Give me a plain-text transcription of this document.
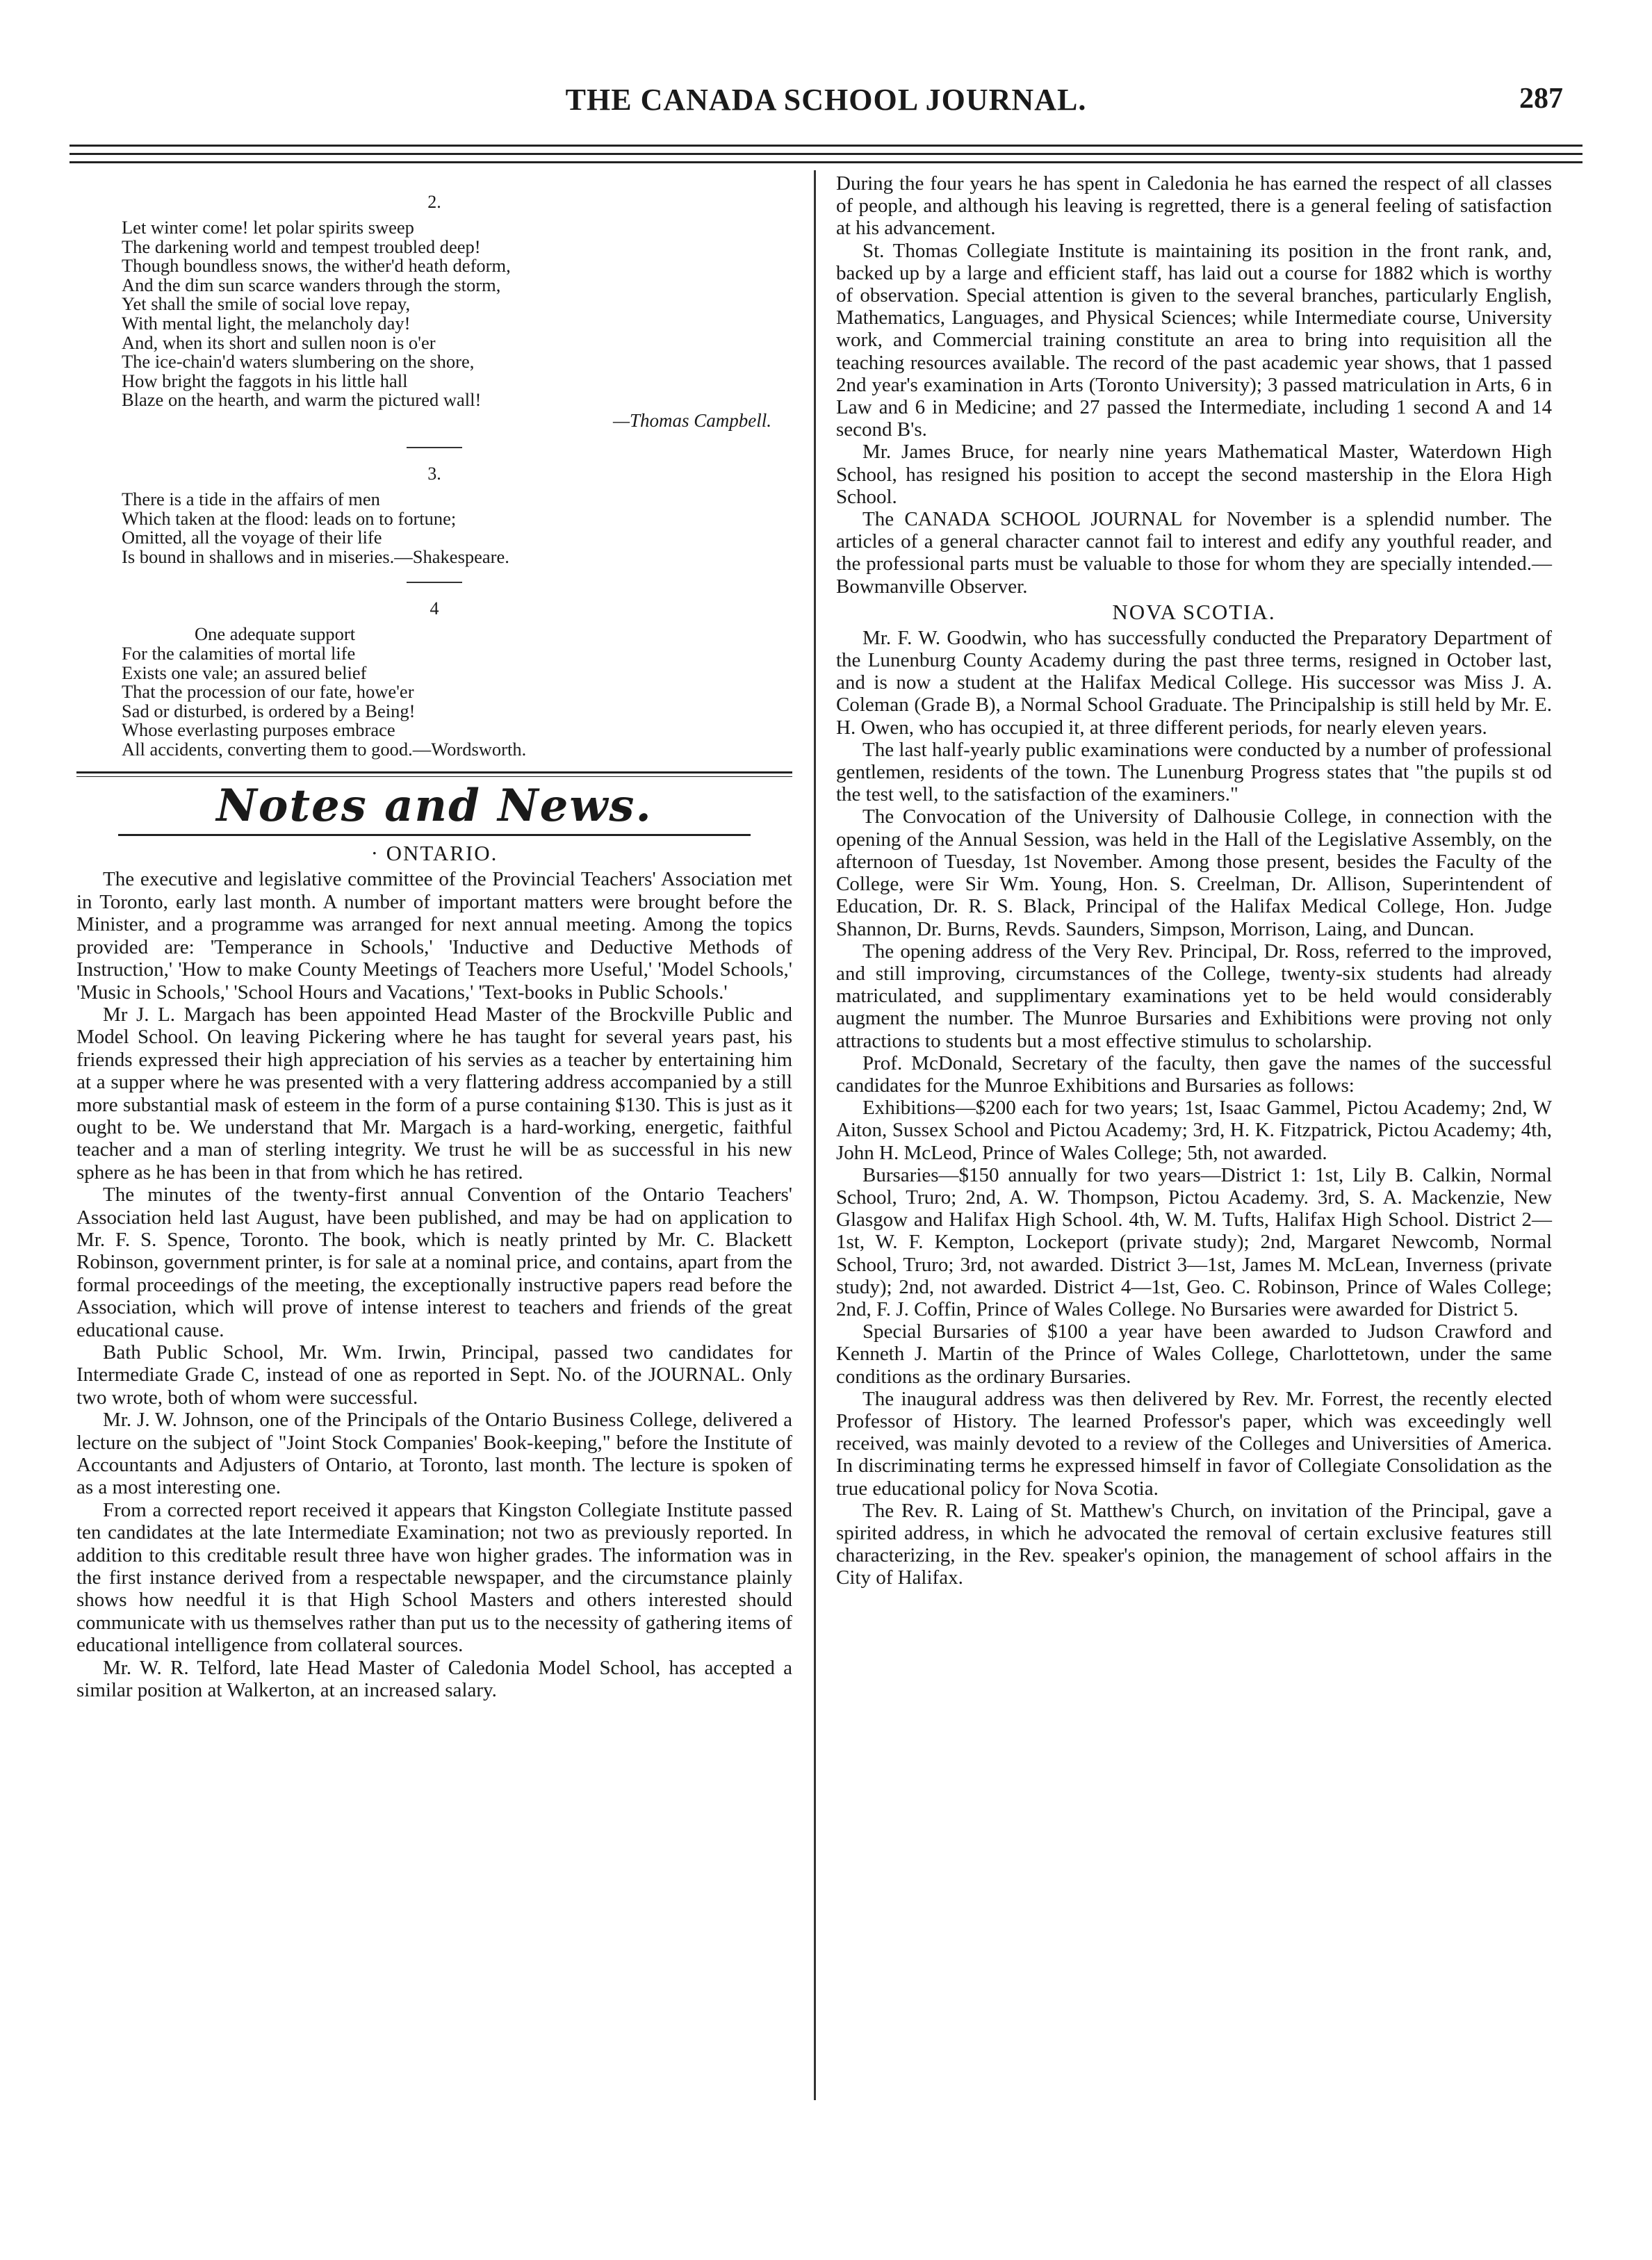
THE CANADA SCHOOL JOURNAL.	287
2.
Let winter come! let polar spirits sweep
The darkening world and tempest troubled deep!
Though boundless snows, the wither'd heath deform,
And the dim sun scarce wanders through the storm,
Yet shall the smile of social love repay,
With mental light, the melancholy day!
And, when its short and sullen noon is o'er
The ice-chain'd waters slumbering on the shore,
How bright the faggots in his little hall
Blaze on the hearth, and warm the pictured wall!
—Thomas Campbell.
3.
There is a tide in the affairs of men
Which taken at the flood: leads on to fortune;
Omitted, all the voyage of their life
Is bound in shallows and in miseries.—Shakespeare.
4
One adequate support
For the calamities of mortal life
Exists one vale; an assured belief
That the procession of our fate, howe'er
Sad or disturbed, is ordered by a Being!
Whose everlasting purposes embrace
All accidents, converting them to good.—Wordsworth.
Notes and News.
· ONTARIO.

The executive and legislative committee of the Provincial Teachers' Association met in Toronto, early last month. A number of important matters were brought before the Minister, and a programme was arranged for next annual meeting. Among the topics provided are: 'Temperance in Schools,' 'Inductive and Deductive Methods of Instruction,' 'How to make County Meetings of Teachers more Useful,' 'Model Schools,' 'Music in Schools,' 'School Hours and Vacations,' 'Text-books in Public Schools.'

Mr J. L. Margach has been appointed Head Master of the Brockville Public and Model School. On leaving Pickering where he has taught for several years past, his friends expressed their high appreciation of his servies as a teacher by entertaining him at a supper where he was presented with a very flattering address accompanied by a still more substantial mask of esteem in the form of a purse containing $130. This is just as it ought to be. We understand that Mr. Margach is a hard-working, energetic, faithful teacher and a man of sterling integrity. We trust he will be as successful in his new sphere as he has been in that from which he has retired.

The minutes of the twenty-first annual Convention of the Ontario Teachers' Association held last August, have been published, and may be had on application to Mr. F. S. Spence, Toronto. The book, which is neatly printed by Mr. C. Blackett Robinson, government printer, is for sale at a nominal price, and contains, apart from the formal proceedings of the meeting, the exceptionally instructive papers read before the Association, which will prove of intense interest to teachers and friends of the great educational cause.

Bath Public School, Mr. Wm. Irwin, Principal, passed two candidates for Intermediate Grade C, instead of one as reported in Sept. No. of the JOURNAL. Only two wrote, both of whom were successful.

Mr. J. W. Johnson, one of the Principals of the Ontario Business College, delivered a lecture on the subject of "Joint Stock Companies' Book-keeping," before the Institute of Accountants and Adjusters of Ontario, at Toronto, last month. The lecture is spoken of as a most interesting one.

From a corrected report received it appears that Kingston Collegiate Institute passed ten candidates at the late Intermediate Examination; not two as previously reported. In addition to this creditable result three have won higher grades. The information was in the first instance derived from a respectable newspaper, and the circumstance plainly shows how needful it is that High School Masters and others interested should communicate with us themselves rather than put us to the necessity of gathering items of educational intelligence from collateral sources.

Mr. W. R. Telford, late Head Master of Caledonia Model School, has accepted a similar position at Walkerton, at an increased salary.

During the four years he has spent in Caledonia he has earned the respect of all classes of people, and although his leaving is regretted, there is a general feeling of satisfaction at his advancement.

St. Thomas Collegiate Institute is maintaining its position in the front rank, and, backed up by a large and efficient staff, has laid out a course for 1882 which is worthy of observation. Special attention is given to the several branches, particularly English, Mathematics, Languages, and Physical Sciences; while Intermediate course, University work, and Commercial training constitute an area to bring into requisition all the teaching resources available. The record of the past academic year shows, that 1 passed 2nd year's examination in Arts (Toronto University); 3 passed matriculation in Arts, 6 in Law and 6 in Medicine; and 27 passed the Intermediate, including 1 second A and 14 second B's.

Mr. James Bruce, for nearly nine years Mathematical Master, Waterdown High School, has resigned his position to accept the second mastership in the Elora High School.

The CANADA SCHOOL JOURNAL for November is a splendid number. The articles of a general character cannot fail to interest and edify any youthful reader, and the professional parts must be valuable to those for whom they are specially intended.—Bowmanville Observer.

NOVA SCOTIA.

Mr. F. W. Goodwin, who has successfully conducted the Preparatory Department of the Lunenburg County Academy during the past three terms, resigned in October last, and is now a student at the Halifax Medical College. His successor was Miss J. A. Coleman (Grade B), a Normal School Graduate. The Principalship is still held by Mr. E. H. Owen, who has occupied it, at three different periods, for nearly eleven years.

The last half-yearly public examinations were conducted by a number of professional gentlemen, residents of the town. The Lunenburg Progress states that "the pupils st od the test well, to the satisfaction of the examiners."

The Convocation of the University of Dalhousie College, in connection with the opening of the Annual Session, was held in the Hall of the Legislative Assembly, on the afternoon of Tuesday, 1st November. Among those present, besides the Faculty of the College, were Sir Wm. Young, Hon. S. Creelman, Dr. Allison, Superintendent of Education, Dr. R. S. Black, Principal of the Halifax Medical College, Hon. Judge Shannon, Dr. Burns, Revds. Saunders, Simpson, Morrison, Laing, and Duncan.

The opening address of the Very Rev. Principal, Dr. Ross, referred to the improved, and still improving, circumstances of the College, twenty-six students had already matriculated, and supplimentary examinations yet to be held would considerably augment the number. The Munroe Bursaries and Exhibitions were proving not only attractions to students but a most effective stimulus to scholarship.

Prof. McDonald, Secretary of the faculty, then gave the names of the successful candidates for the Munroe Exhibitions and Bursaries as follows:

Exhibitions—$200 each for two years; 1st, Isaac Gammel, Pictou Academy; 2nd, W Aiton, Sussex School and Pictou Academy; 3rd, H. K. Fitzpatrick, Pictou Academy; 4th, John H. McLeod, Prince of Wales College; 5th, not awarded.

Bursaries—$150 annually for two years—District 1: 1st, Lily B. Calkin, Normal School, Truro; 2nd, A. W. Thompson, Pictou Academy. 3rd, S. A. Mackenzie, New Glasgow and Halifax High School. 4th, W. M. Tufts, Halifax High School. District 2—1st, W. F. Kempton, Lockeport (private study); 2nd, Margaret Newcomb, Normal School, Truro; 3rd, not awarded. District 3—1st, James M. McLean, Inverness (private study); 2nd, not awarded. District 4—1st, Geo. C. Robinson, Prince of Wales College; 2nd, F. J. Coffin, Prince of Wales College. No Bursaries were awarded for District 5.

Special Bursaries of $100 a year have been awarded to Judson Crawford and Kenneth J. Martin of the Prince of Wales College, Charlottetown, under the same conditions as the ordinary Bursaries.

The inaugural address was then delivered by Rev. Mr. Forrest, the recently elected Professor of History. The learned Professor's paper, which was exceedingly well received, was mainly devoted to a review of the Colleges and Universities of America. In discriminating terms he expressed himself in favor of Collegiate Consolidation as the true educational policy for Nova Scotia.

The Rev. R. Laing of St. Matthew's Church, on invitation of the Principal, gave a spirited address, in which he advocated the removal of certain exclusive features still characterizing, in the Rev. speaker's opinion, the management of school affairs in the City of Halifax.
